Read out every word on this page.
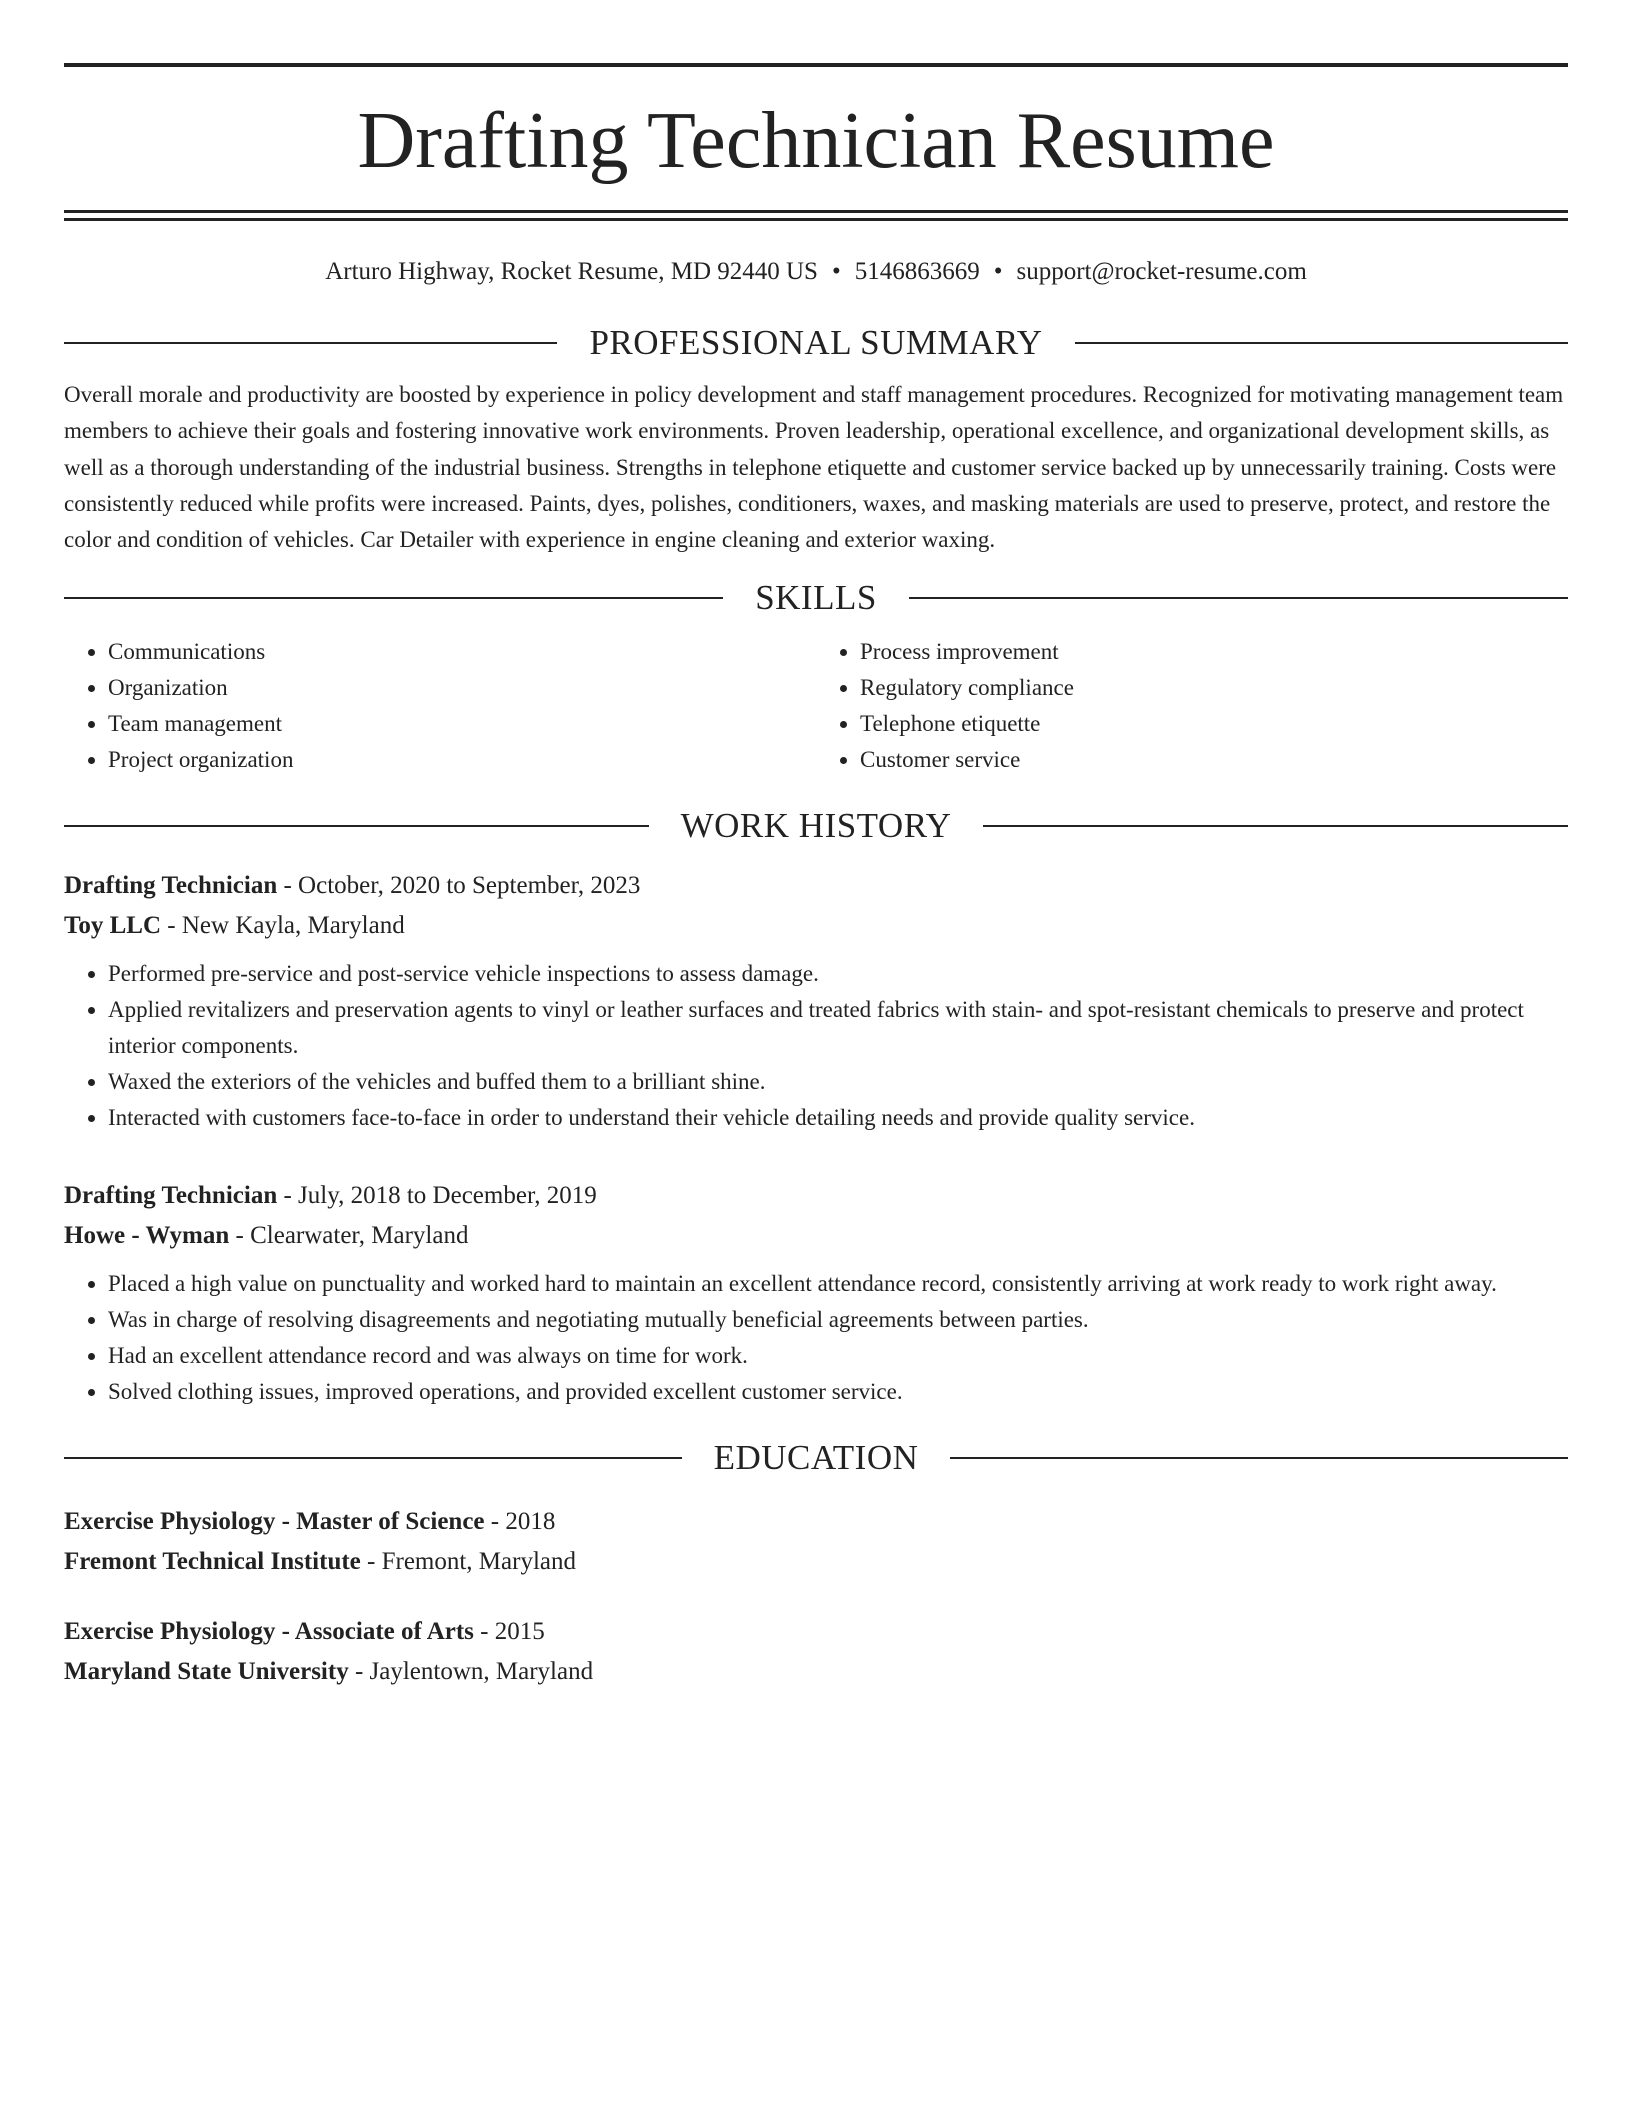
Drafting Technician Resume
Arturo Highway, Rocket Resume, MD 92440 US • 5146863669 • support@rocket-resume.com
PROFESSIONAL SUMMARY
Overall morale and productivity are boosted by experience in policy development and staff management procedures. Recognized for motivating management team members to achieve their goals and fostering innovative work environments. Proven leadership, operational excellence, and organizational development skills, as well as a thorough understanding of the industrial business. Strengths in telephone etiquette and customer service backed up by unnecessarily training. Costs were consistently reduced while profits were increased. Paints, dyes, polishes, conditioners, waxes, and masking materials are used to preserve, protect, and restore the color and condition of vehicles. Car Detailer with experience in engine cleaning and exterior waxing.
SKILLS
• Communications
• Organization
• Team management
• Project organization
• Process improvement
• Regulatory compliance
• Telephone etiquette
• Customer service
WORK HISTORY
Drafting Technician - October, 2020 to September, 2023
Toy LLC - New Kayla, Maryland
• Performed pre-service and post-service vehicle inspections to assess damage.
• Applied revitalizers and preservation agents to vinyl or leather surfaces and treated fabrics with stain- and spot-resistant chemicals to preserve and protect interior components.
• Waxed the exteriors of the vehicles and buffed them to a brilliant shine.
• Interacted with customers face-to-face in order to understand their vehicle detailing needs and provide quality service.
Drafting Technician - July, 2018 to December, 2019
Howe - Wyman - Clearwater, Maryland
• Placed a high value on punctuality and worked hard to maintain an excellent attendance record, consistently arriving at work ready to work right away.
• Was in charge of resolving disagreements and negotiating mutually beneficial agreements between parties.
• Had an excellent attendance record and was always on time for work.
• Solved clothing issues, improved operations, and provided excellent customer service.
EDUCATION
Exercise Physiology - Master of Science - 2018
Fremont Technical Institute - Fremont, Maryland
Exercise Physiology - Associate of Arts - 2015
Maryland State University - Jaylentown, Maryland
